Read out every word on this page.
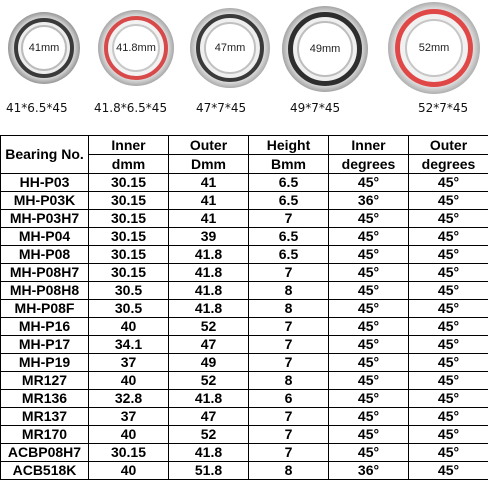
41mm	41.8mm	47mm	49mm	52mm
41*6.5*45 41.8*6.5*45 47*7*45	49*7*45	52*7*45
Bearing No.	Inner	Outer	Height	Inner	Outer
	dmm	Dmm	Bmm	degrees	degrees
HH-P03	30.15	41	6.5	45°	45°
MH-P03K	30.15	41	6.5	36°	45°
MH-P03H7	30.15	41	7	45°	45°
MH-P04	30.15	39	6.5	45°	45°
MH-P08	30.15	41.8	6.5	45°	45°
MH-P08H7	30.15	41.8	7	45°	45°
MH-P08H8	30.5	41.8	8	45°	45°
MH-P08F	30.5	41.8	8	45°	45°
MH-P16	40	52	7	45°	45°
MH-P17	34.1	47	7	45°	45°
MH-P19	37	49	7	45°	45°
MR127	40	52	8	45°	45°
MR136	32.8	41.8	6	45°	45°
MR137	37	47	7	45°	45°
MR170	40	52	7	45°	45°
ACBP08H7	30.15	41.8	7	45°	45°
ACB518K	40	51.8	8	36°	45°
